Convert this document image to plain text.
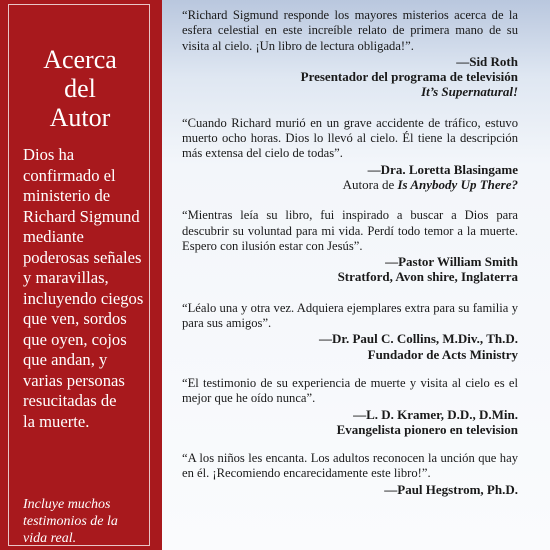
Acerca
del
Autor
Dios ha
confirmado el
ministerio de
Richard Sigmund
mediante
poderosas señales
y maravillas,
incluyendo ciegos
que ven, sordos
que oyen, cojos
que andan, y
varias personas
resucitadas de
la muerte.
Incluye muchos
testimonios de la
vida real.

“Richard Sigmund responde los mayores misterios acerca de la esfera celestial en este increíble relato de primera mano de su visita al cielo. ¡Un libro de lectura obligada!”.

—Sid Roth
Presentador del programa de televisión
It’s Supernatural!

“Cuando Richard murió en un grave accidente de tráfico, estuvo muerto ocho horas. Dios lo llevó al cielo. Él tiene la descripción más extensa del cielo de todas”.

—Dra. Loretta Blasingame
Autora de Is Anybody Up There?

“Mientras leía su libro, fui inspirado a buscar a Dios para descubrir su voluntad para mi vida. Perdí todo temor a la muerte. Espero con ilusión estar con Jesús”.

—Pastor William Smith
Stratford, Avon shire, Inglaterra

“Léalo una y otra vez. Adquiera ejemplares extra para su familia y para sus amigos”.

—Dr. Paul C. Collins, M.Div., Th.D.
Fundador de Acts Ministry

“El testimonio de su experiencia de muerte y visita al cielo es el mejor que he oído nunca”.

—L. D. Kramer, D.D., D.Min.
Evangelista pionero en television

“A los niños les encanta. Los adultos reconocen la unción que hay en él. ¡Recomiendo encarecidamente este libro!”.

—Paul Hegstrom, Ph.D.
